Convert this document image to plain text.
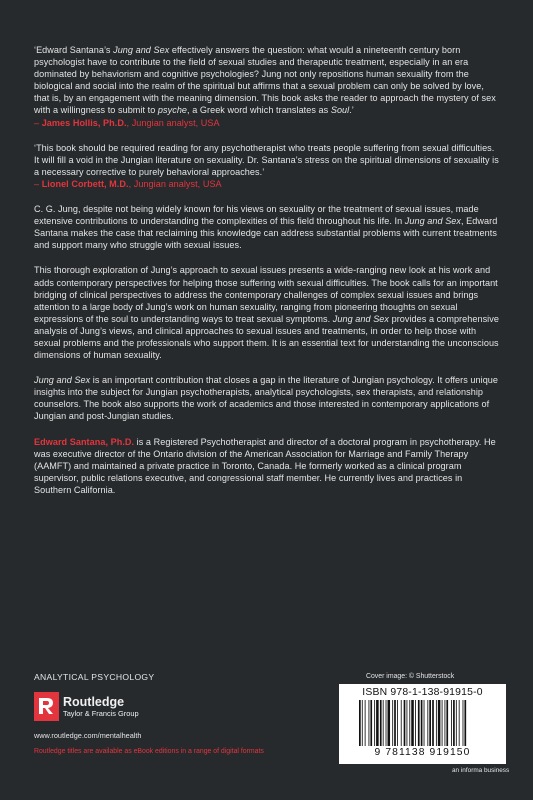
‘Edward Santana’s Jung and Sex effectively answers the question: what would a nineteenth century born psychologist have to contribute to the field of sexual studies and therapeutic treatment, especially in an era dominated by behaviorism and cognitive psychologies? Jung not only repositions human sexuality from the biological and social into the realm of the spiritual but affirms that a sexual problem can only be solved by love, that is, by an engagement with the meaning dimension. This book asks the reader to approach the mystery of sex with a willingness to submit to psyche, a Greek word which translates as Soul.’
– James Hollis, Ph.D., Jungian analyst, USA

‘This book should be required reading for any psychotherapist who treats people suffering from sexual difficulties. It will fill a void in the Jungian literature on sexuality. Dr. Santana’s stress on the spiritual dimensions of sexuality is a necessary corrective to purely behavioral approaches.’
– Lionel Corbett, M.D., Jungian analyst, USA

C. G. Jung, despite not being widely known for his views on sexuality or the treatment of sexual issues, made extensive contributions to understanding the complexities of this field throughout his life. In Jung and Sex, Edward Santana makes the case that reclaiming this knowledge can address substantial problems with current treatments and support many who struggle with sexual issues.

This thorough exploration of Jung’s approach to sexual issues presents a wide-ranging new look at his work and adds contemporary perspectives for helping those suffering with sexual difficulties. The book calls for an important bridging of clinical perspectives to address the contemporary challenges of complex sexual issues and brings attention to a large body of Jung’s work on human sexuality, ranging from pioneering thoughts on sexual expressions of the soul to understanding ways to treat sexual symptoms. Jung and Sex provides a comprehensive analysis of Jung’s views, and clinical approaches to sexual issues and treatments, in order to help those with sexual problems and the professionals who support them. It is an essential text for understanding the unconscious dimensions of human sexuality.

Jung and Sex is an important contribution that closes a gap in the literature of Jungian psychology. It offers unique insights into the subject for Jungian psychotherapists, analytical psychologists, sex therapists, and relationship counselors. The book also supports the work of academics and those interested in contemporary applications of Jungian and post-Jungian studies.

Edward Santana, Ph.D. is a Registered Psychotherapist and director of a doctoral program in psychotherapy. He was executive director of the Ontario division of the American Association for Marriage and Family Therapy (AAMFT) and maintained a private practice in Toronto, Canada. He formerly worked as a clinical program supervisor, public relations executive, and congressional staff member. He currently lives and practices in Southern California.

ANALYTICAL PSYCHOLOGY
Routledge
Taylor & Francis Group
www.routledge.com/mentalhealth
Routledge titles are available as eBook editions in a range of digital formats
Cover image: © Shutterstock
ISBN 978-1-138-91915-0
9 781138 919150
an informa business
